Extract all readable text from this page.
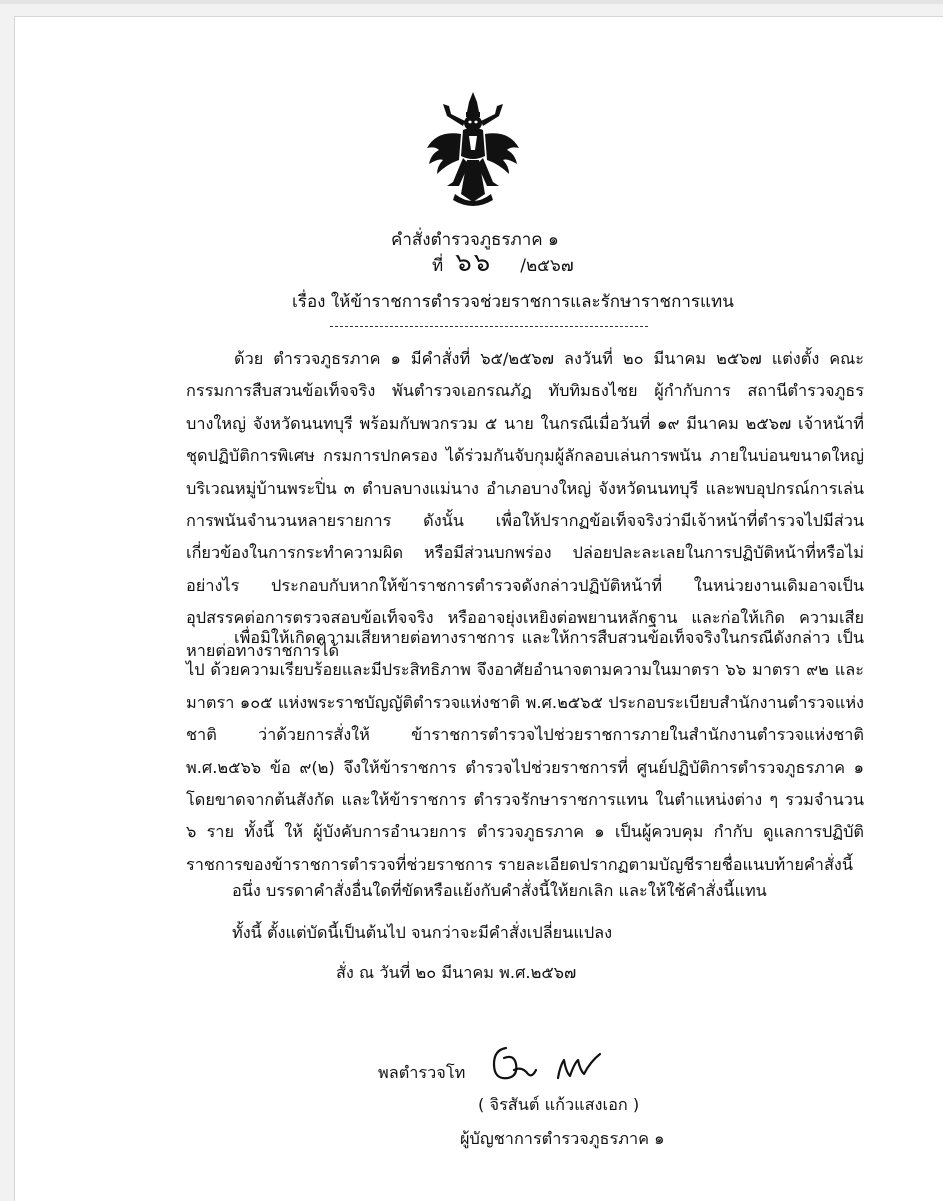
คำสั่งตำรวจภูธรภาค ๑
ที่ ๖๖ /๒๕๖๗
เรื่อง ให้ข้าราชการตำรวจช่วยราชการและรักษาราชการแทน

ด้วย ตำรวจภูธรภาค ๑ มีคำสั่งที่ ๖๕/๒๕๖๗ ลงวันที่ ๒๐ มีนาคม ๒๕๖๗ แต่งตั้ง คณะกรรมการสืบสวนข้อเท็จจริง พันตำรวจเอกรณภัฎ ทับทิมธงไชย ผู้กำกับการ สถานีตำรวจภูธรบางใหญ่ จังหวัดนนทบุรี พร้อมกับพวกรวม ๕ นาย ในกรณีเมื่อวันที่ ๑๙ มีนาคม ๒๕๖๗ เจ้าหน้าที่ชุดปฏิบัติการพิเศษ กรมการปกครอง ได้ร่วมกันจับกุมผู้ลักลอบเล่นการพนัน ภายในบ่อนขนาดใหญ่ บริเวณหมู่บ้านพระปิ่น ๓ ตำบลบางแม่นาง อำเภอบางใหญ่ จังหวัดนนทบุรี และพบอุปกรณ์การเล่นการพนันจำนวนหลายรายการ ดังนั้น เพื่อให้ปรากฏข้อเท็จจริงว่ามีเจ้าหน้าที่ตำรวจไปมีส่วนเกี่ยวข้องในการกระทำความผิด หรือมีส่วนบกพร่อง ปล่อยปละละเลยในการปฏิบัติหน้าที่หรือไม่ อย่างไร ประกอบกับหากให้ข้าราชการตำรวจดังกล่าวปฏิบัติหน้าที่ ในหน่วยงานเดิมอาจเป็นอุปสรรคต่อการตรวจสอบข้อเท็จจริง หรืออาจยุ่งเหยิงต่อพยานหลักฐาน และก่อให้เกิด ความเสียหายต่อทางราชการได้

เพื่อมิให้เกิดความเสียหายต่อทางราชการ และให้การสืบสวนข้อเท็จจริงในกรณีดังกล่าว เป็นไป ด้วยความเรียบร้อยและมีประสิทธิภาพ จึงอาศัยอำนาจตามความในมาตรา ๖๖ มาตรา ๙๒ และมาตรา ๑๐๕ แห่งพระราชบัญญัติตำรวจแห่งชาติ พ.ศ.๒๕๖๕ ประกอบระเบียบสำนักงานตำรวจแห่งชาติ ว่าด้วยการสั่งให้ ข้าราชการตำรวจไปช่วยราชการภายในสำนักงานตำรวจแห่งชาติ พ.ศ.๒๕๖๖ ข้อ ๙(๒) จึงให้ข้าราชการ ตำรวจไปช่วยราชการที่ ศูนย์ปฏิบัติการตำรวจภูธรภาค ๑ โดยขาดจากต้นสังกัด และให้ข้าราชการ ตำรวจรักษาราชการแทน ในตำแหน่งต่าง ๆ รวมจำนวน ๖ ราย ทั้งนี้ ให้ ผู้บังคับการอำนวยการ ตำรวจภูธรภาค ๑ เป็นผู้ควบคุม กำกับ ดูแลการปฏิบัติราชการของข้าราชการตำรวจที่ช่วยราชการ รายละเอียดปรากฏตามบัญชีรายชื่อแนบท้ายคำสั่งนี้

อนึ่ง บรรดาคำสั่งอื่นใดที่ขัดหรือแย้งกับคำสั่งนี้ให้ยกเลิก และให้ใช้คำสั่งนี้แทน
ทั้งนี้ ตั้งแต่บัดนี้เป็นต้นไป จนกว่าจะมีคำสั่งเปลี่ยนแปลง
สั่ง ณ วันที่ ๒๐ มีนาคม พ.ศ.๒๕๖๗
พลตำรวจโท
( จิรสันต์ แก้วแสงเอก )
ผู้บัญชาการตำรวจภูธรภาค ๑
